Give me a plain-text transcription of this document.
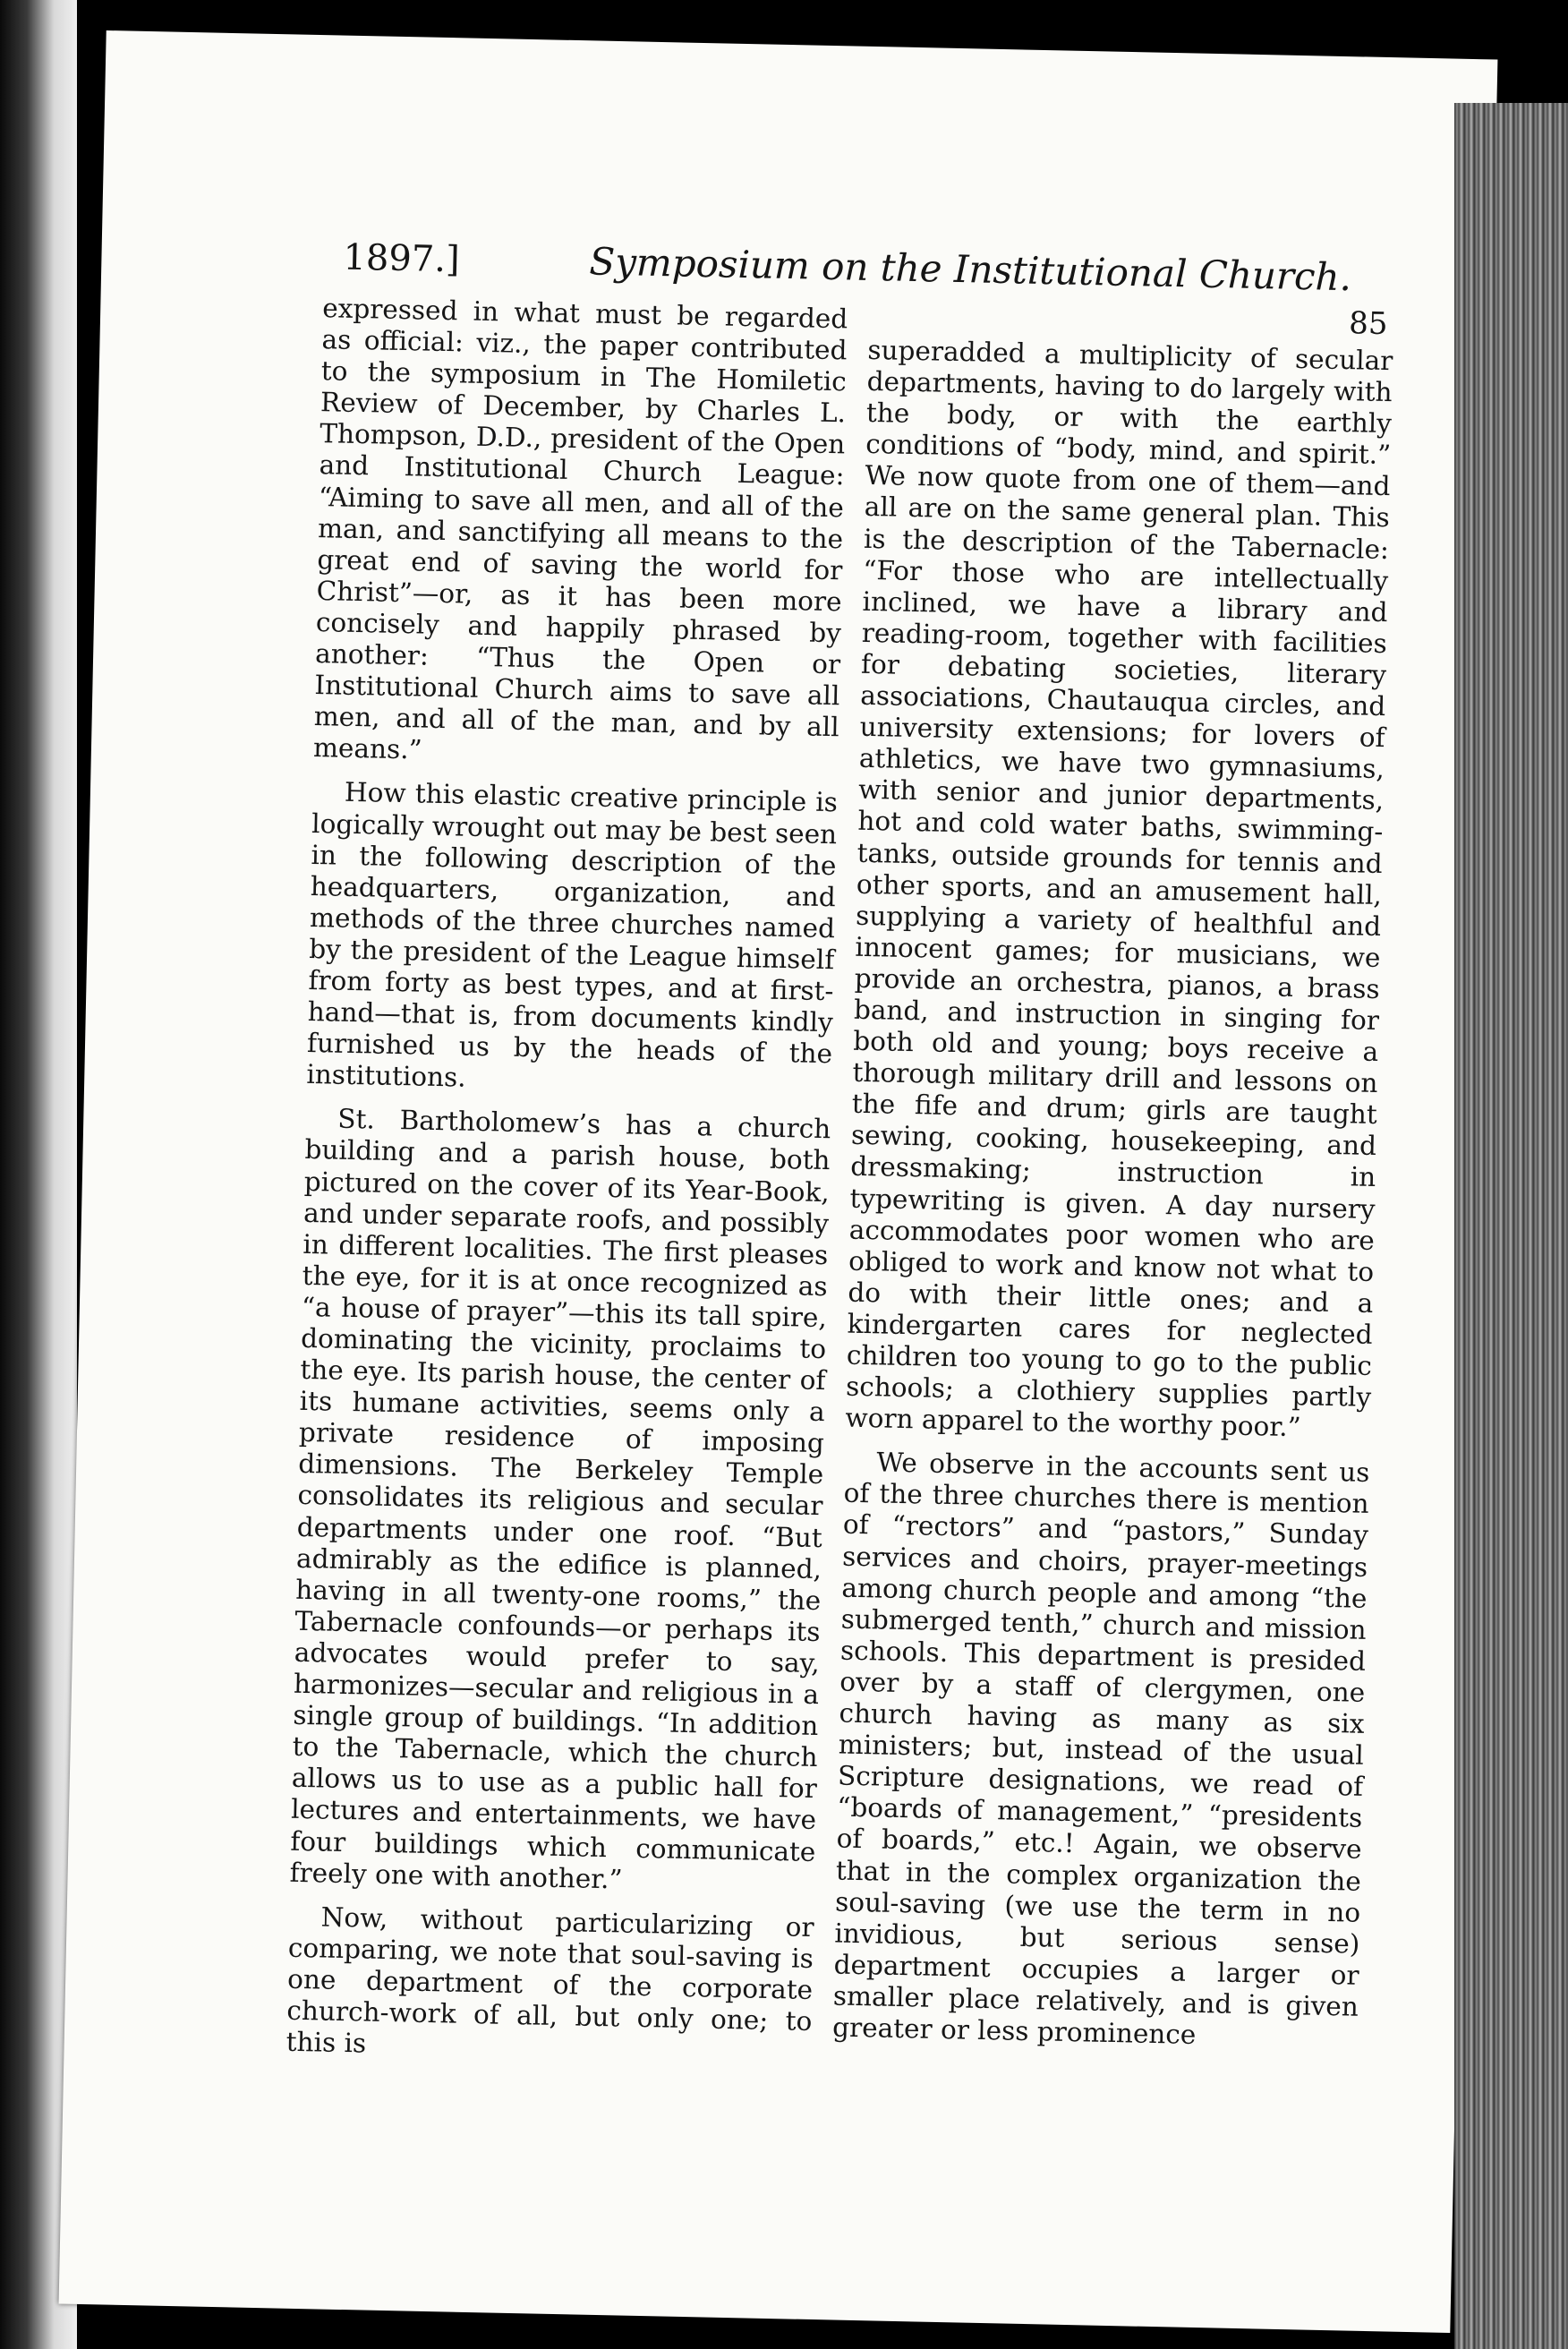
1897.]	Symposium on the Institutional Church.
85

expressed in what must be regarded as official: viz., the paper contributed to the symposium in The Homiletic Review of December, by Charles L. Thompson, D.D., president of the Open and Institutional Church League: “Aiming to save all men, and all of the man, and sanctifying all means to the great end of saving the world for Christ”—or, as it has been more concisely and happily phrased by another: “Thus the Open or Institutional Church aims to save all men, and all of the man, and by all means.”

How this elastic creative principle is logically wrought out may be best seen in the following description of the headquarters, organization, and methods of the three churches named by the president of the League himself from forty as best types, and at first-hand—that is, from documents kindly furnished us by the heads of the institutions.

St. Bartholomew’s has a church building and a parish house, both pictured on the cover of its Year-Book, and under separate roofs, and possibly in different localities. The first pleases the eye, for it is at once recognized as “a house of prayer”—this its tall spire, dominating the vicinity, proclaims to the eye. Its parish house, the center of its humane activities, seems only a private residence of imposing dimensions. The Berkeley Temple consolidates its religious and secular departments under one roof. “But admirably as the edifice is planned, having in all twenty-one rooms,” the Tabernacle confounds—or perhaps its advocates would prefer to say, harmonizes—secular and religious in a single group of buildings. “In addition to the Tabernacle, which the church allows us to use as a public hall for lectures and entertainments, we have four buildings which communicate freely one with another.”

Now, without particularizing or comparing, we note that soul-saving is one department of the corporate church-work of all, but only one; to this is

superadded a multiplicity of secular departments, having to do largely with the body, or with the earthly conditions of “body, mind, and spirit.” We now quote from one of them—and all are on the same general plan. This is the description of the Tabernacle: “For those who are intellectually inclined, we have a library and reading-room, together with facilities for debating societies, literary associations, Chautauqua circles, and university extensions; for lovers of athletics, we have two gymnasiums, with senior and junior departments, hot and cold water baths, swimming-tanks, outside grounds for tennis and other sports, and an amusement hall, supplying a variety of healthful and innocent games; for musicians, we provide an orchestra, pianos, a brass band, and instruction in singing for both old and young; boys receive a thorough military drill and lessons on the fife and drum; girls are taught sewing, cooking, housekeeping, and dressmaking; instruction in typewriting is given. A day nursery accommodates poor women who are obliged to work and know not what to do with their little ones; and a kindergarten cares for neglected children too young to go to the public schools; a clothiery supplies partly worn apparel to the worthy poor.”

We observe in the accounts sent us of the three churches there is mention of “rectors” and “pastors,” Sunday services and choirs, prayer-meetings among church people and among “the submerged tenth,” church and mission schools. This department is presided over by a staff of clergymen, one church having as many as six ministers; but, instead of the usual Scripture designations, we read of “boards of management,” “presidents of boards,” etc.! Again, we observe that in the complex organization the soul-saving (we use the term in no invidious, but serious sense) department occupies a larger or smaller place relatively, and is given greater or less prominence
